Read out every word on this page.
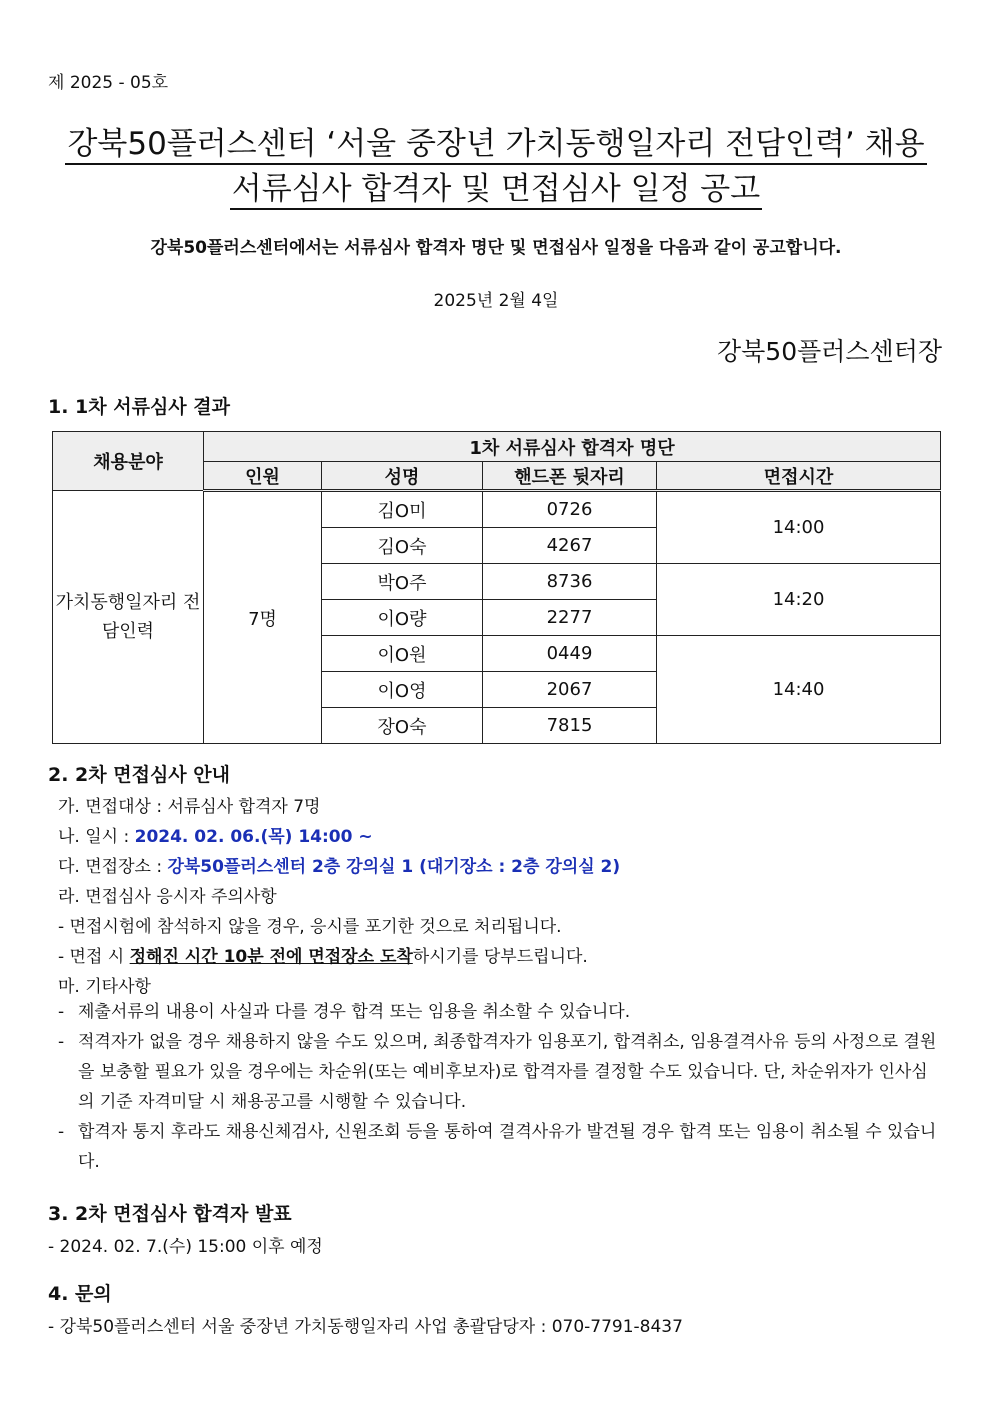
제 2025 - 05호
강북50플러스센터 ‘서울 중장년 가치동행일자리 전담인력’ 채용
서류심사 합격자 및 면접심사 일정 공고
강북50플러스센터에서는 서류심사 합격자 명단 및 면접심사 일정을 다음과 같이 공고합니다.
2025년 2월 4일
강북50플러스센터장
1. 1차 서류심사 결과
채용분야	1차 서류심사 합격자 명단			
	인원	성명	핸드폰 뒷자리	면접시간
가치동행일자리 전담인력	7명	김O미	0726	14:00
		김O숙	4267	
		박O주	8736	14:20
		이O량	2277	
		이O원	0449	14:40
		이O영	2067	
		장O숙	7815	
2. 2차 면접심사 안내
가. 면접대상 : 서류심사 합격자 7명
나. 일시 : 2024. 02. 06.(목) 14:00 ~
다. 면접장소 : 강북50플러스센터 2층 강의실 1 (대기장소 : 2층 강의실 2)
라. 면접심사 응시자 주의사항
- 면접시험에 참석하지 않을 경우, 응시를 포기한 것으로 처리됩니다.
- 면접 시 정해진 시간 10분 전에 면접장소 도착하시기를 당부드립니다.
마. 기타사항
- 제출서류의 내용이 사실과 다를 경우 합격 또는 임용을 취소할 수 있습니다.
- 적격자가 없을 경우 채용하지 않을 수도 있으며, 최종합격자가 임용포기, 합격취소, 임용결격사유 등의 사정으로 결원을 보충할 필요가 있을 경우에는 차순위(또는 예비후보자)로 합격자를 결정할 수도 있습니다. 단, 차순위자가 인사심의 기준 자격미달 시 채용공고를 시행할 수 있습니다.
- 합격자 통지 후라도 채용신체검사, 신원조회 등을 통하여 결격사유가 발견될 경우 합격 또는 임용이 취소될 수 있습니다.
3. 2차 면접심사 합격자 발표
- 2024. 02. 7.(수) 15:00 이후 예정
4. 문의
- 강북50플러스센터 서울 중장년 가치동행일자리 사업 총괄담당자 : 070-7791-8437
